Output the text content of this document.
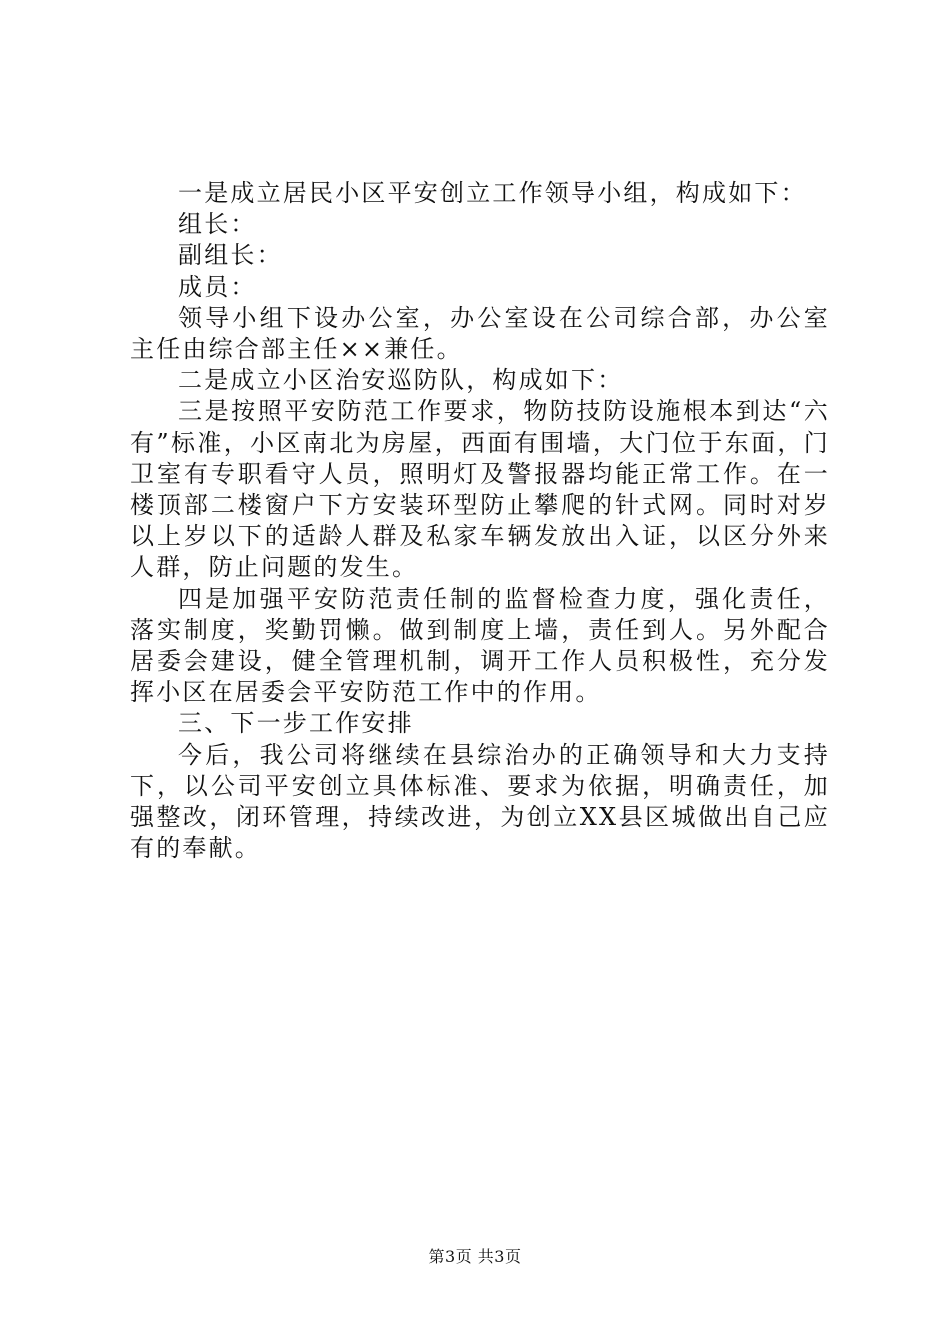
一是成立居民小区平安创立工作领导小组，构成如下：

组长：

副组长：

成员：

领导小组下设办公室，办公室设在公司综合部，办公室主任由综合部主任××兼任。

二是成立小区治安巡防队，构成如下：

三是按照平安防范工作要求，物防技防设施根本到达“六有”标准，小区南北为房屋，西面有围墙，大门位于东面，门卫室有专职看守人员，照明灯及警报器均能正常工作。在一楼顶部二楼窗户下方安装环型防止攀爬的针式网。同时对岁以上岁以下的适龄人群及私家车辆发放出入证，以区分外来人群，防止问题的发生。

四是加强平安防范责任制的监督检查力度，强化责任，落实制度，奖勤罚懒。做到制度上墙，责任到人。另外配合居委会建设，健全管理机制，调开工作人员积极性，充分发挥小区在居委会平安防范工作中的作用。

三、下一步工作安排

今后，我公司将继续在县综治办的正确领导和大力支持下，以公司平安创立具体标准、要求为依据，明确责任，加强整改，闭环管理，持续改进，为创立XX县区城做出自己应有的奉献。

第3页 共3页
